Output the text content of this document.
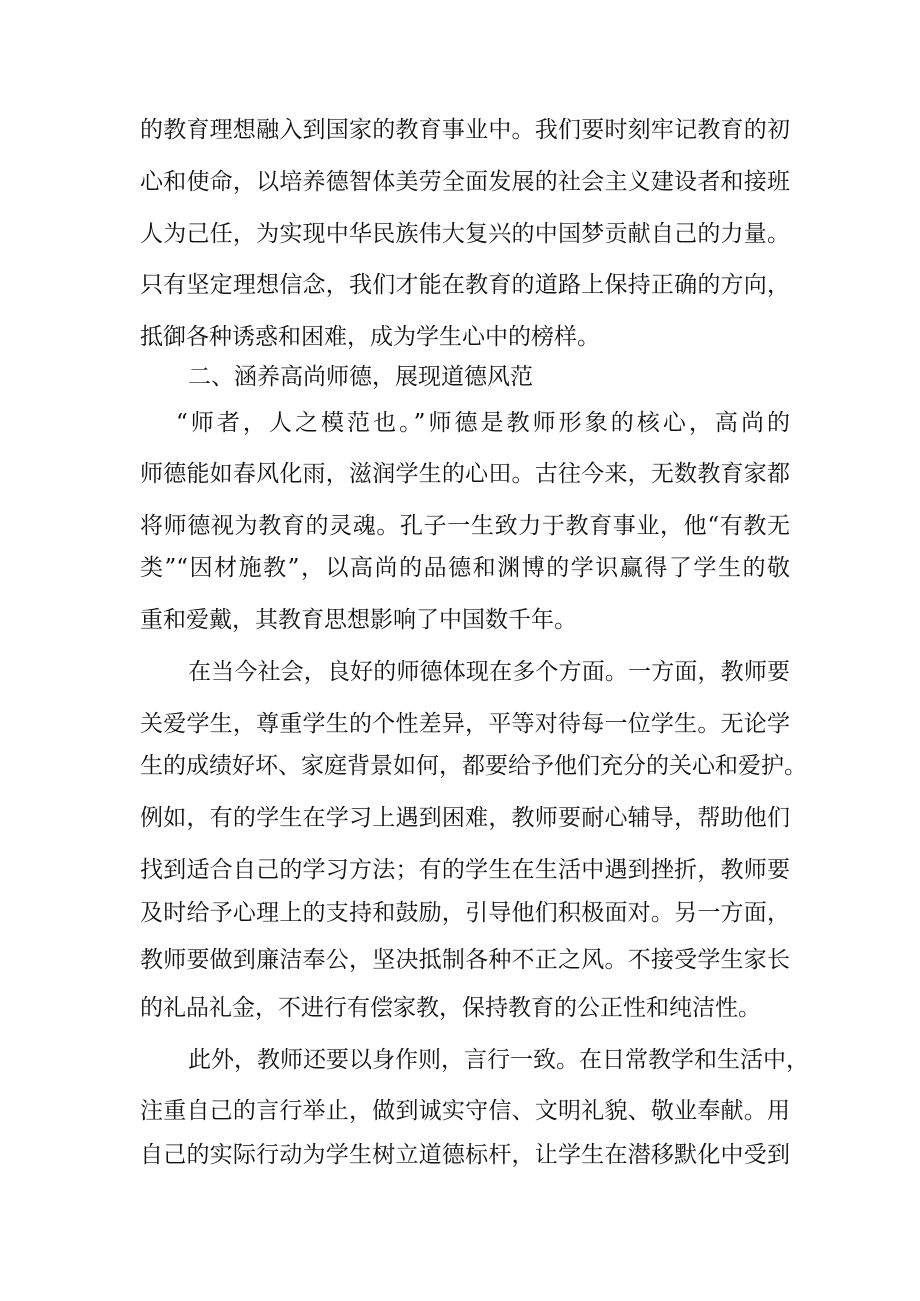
的教育理想融入到国家的教育事业中。我们要时刻牢记教育的初
心和使命，以培养德智体美劳全面发展的社会主义建设者和接班
人为己任，为实现中华民族伟大复兴的中国梦贡献自己的力量。
只有坚定理想信念，我们才能在教育的道路上保持正确的方向，
抵御各种诱惑和困难，成为学生心中的榜样。
二、涵养高尚师德，展现道德风范
“师者，人之模范也。”师德是教师形象的核心，高尚的
师德能如春风化雨，滋润学生的心田。古往今来，无数教育家都
将师德视为教育的灵魂。孔子一生致力于教育事业，他“有教无
类”“因材施教”，以高尚的品德和渊博的学识赢得了学生的敬
重和爱戴，其教育思想影响了中国数千年。
在当今社会，良好的师德体现在多个方面。一方面，教师要
关爱学生，尊重学生的个性差异，平等对待每一位学生。无论学
生的成绩好坏、家庭背景如何，都要给予他们充分的关心和爱护。
例如，有的学生在学习上遇到困难，教师要耐心辅导，帮助他们
找到适合自己的学习方法；有的学生在生活中遇到挫折，教师要
及时给予心理上的支持和鼓励，引导他们积极面对。另一方面，
教师要做到廉洁奉公，坚决抵制各种不正之风。不接受学生家长
的礼品礼金，不进行有偿家教，保持教育的公正性和纯洁性。
此外，教师还要以身作则，言行一致。在日常教学和生活中，
注重自己的言行举止，做到诚实守信、文明礼貌、敬业奉献。用
自己的实际行动为学生树立道德标杆，让学生在潜移默化中受到
